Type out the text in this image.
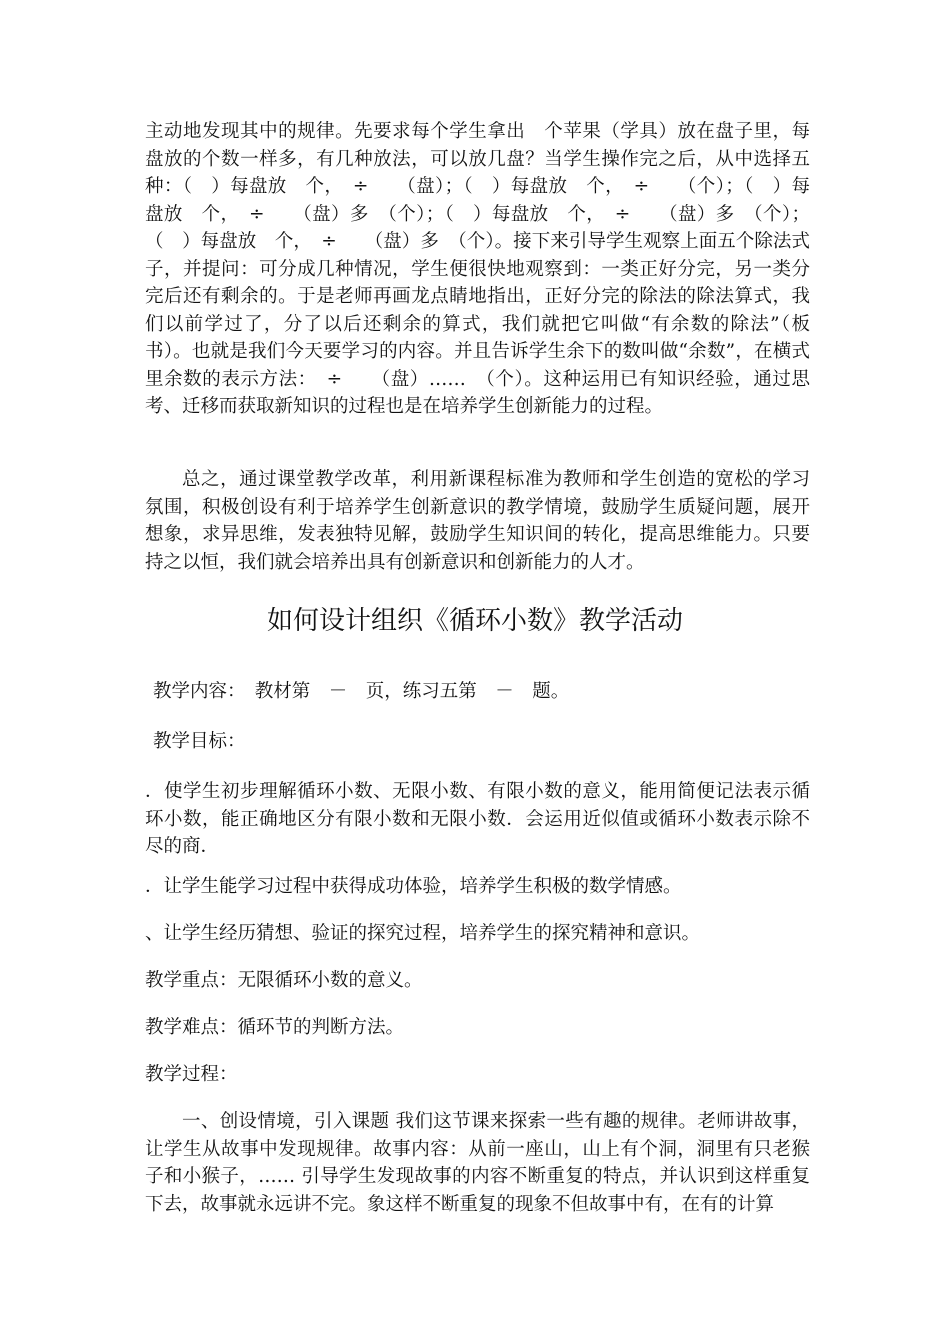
主动地发现其中的规律。先要求每个学生拿出　个苹果（学具）放在盘子里，每盘放的个数一样多，有几种放法，可以放几盘？当学生操作完之后，从中选择五种：（　）每盘放　个，　÷　　（盘）；（　）每盘放　个，　÷　　（个）；（　）每盘放　个，　÷　　（盘）多　（个）；（　）每盘放　个，　÷　　（盘）多　（个）；（　）每盘放　个，　÷　　（盘）多　（个）。接下来引导学生观察上面五个除法式子，并提问：可分成几种情况，学生便很快地观察到：一类正好分完，另一类分完后还有剩余的。于是老师再画龙点睛地指出，正好分完的除法的除法算式，我们以前学过了，分了以后还剩余的算式，我们就把它叫做“有余数的除法”（板书）。也就是我们今天要学习的内容。并且告诉学生余下的数叫做“余数”，在横式里余数的表示方法：　÷　　（盘）……　（个）。这种运用已有知识经验，通过思考、迁移而获取新知识的过程也是在培养学生创新能力的过程。

总之，通过课堂教学改革，利用新课程标准为教师和学生创造的宽松的学习氛围，积极创设有利于培养学生创新意识的教学情境，鼓励学生质疑问题，展开想象，求异思维，发表独特见解，鼓励学生知识间的转化，提高思维能力。只要持之以恒，我们就会培养出具有创新意识和创新能力的人才。

如何设计组织《循环小数》教学活动

教学内容：　教材第　－　页，练习五第　－　题。

教学目标：

．使学生初步理解循环小数、无限小数、有限小数的意义，能用简便记法表示循环小数，能正确地区分有限小数和无限小数．会运用近似值或循环小数表示除不尽的商．

．让学生能学习过程中获得成功体验，培养学生积极的数学情感。

、让学生经历猜想、验证的探究过程，培养学生的探究精神和意识。

教学重点：无限循环小数的意义。

教学难点：循环节的判断方法。

教学过程：

一、创设情境，引入课题 我们这节课来探索一些有趣的规律。老师讲故事，让学生从故事中发现规律。故事内容：从前一座山，山上有个洞，洞里有只老猴子和小猴子，…… 引导学生发现故事的内容不断重复的特点，并认识到这样重复下去，故事就永远讲不完。象这样不断重复的现象不但故事中有，在有的计算
